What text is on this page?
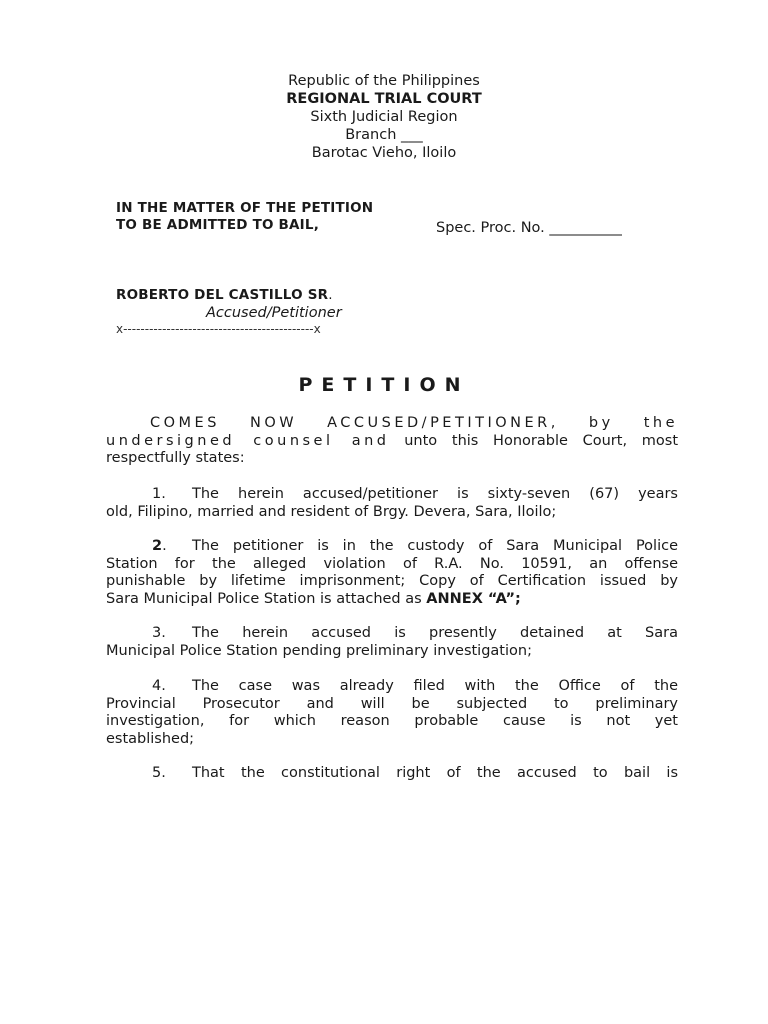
Republic of the Philippines
REGIONAL TRIAL COURT
Sixth Judicial Region
Branch ___
Barotac Vieho, Iloilo
IN THE MATTER OF THE PETITION
TO BE ADMITTED TO BAIL,	Spec. Proc. No. __________
ROBERTO DEL CASTILLO SR.
Accused/Petitioner
x--------------------------------------------x
PETITION
COMES NOW ACCUSED/PETITIONER, by the
undersigned counsel and unto this Honorable Court, most
respectfully states:
1. The herein accused/petitioner is sixty-seven (67) years
old, Filipino, married and resident of Brgy. Devera, Sara, Iloilo;
2. The petitioner is in the custody of Sara Municipal Police
Station for the alleged violation of R.A. No. 10591, an offense
punishable by lifetime imprisonment; Copy of Certification issued by
Sara Municipal Police Station is attached as ANNEX “A”;
3. The herein accused is presently detained at Sara
Municipal Police Station pending preliminary investigation;
4. The case was already filed with the Office of the
Provincial Prosecutor and will be subjected to preliminary
investigation, for which reason probable cause is not yet
established;
5. That the constitutional right of the accused to bail is
